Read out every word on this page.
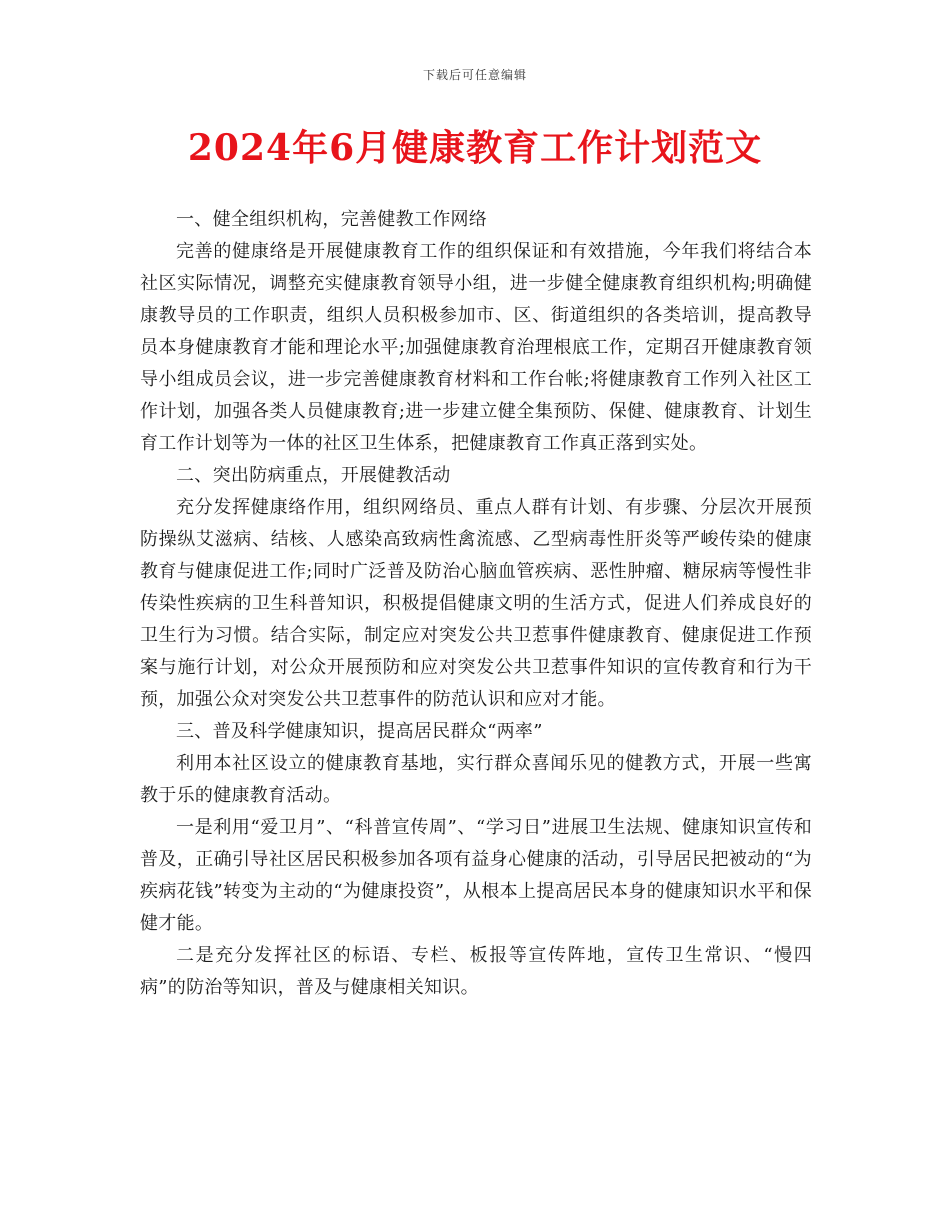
下载后可任意编辑
2024年6月健康教育工作计划范文

一、健全组织机构，完善健教工作网络

完善的健康络是开展健康教育工作的组织保证和有效措施，今年我们将结合本社区实际情况，调整充实健康教育领导小组，进一步健全健康教育组织机构;明确健康教导员的工作职责，组织人员积极参加市、区、街道组织的各类培训，提高教导员本身健康教育才能和理论水平;加强健康教育治理根底工作，定期召开健康教育领导小组成员会议，进一步完善健康教育材料和工作台帐;将健康教育工作列入社区工作计划，加强各类人员健康教育;进一步建立健全集预防、保健、健康教育、计划生育工作计划等为一体的社区卫生体系，把健康教育工作真正落到实处。

二、突出防病重点，开展健教活动

充分发挥健康络作用，组织网络员、重点人群有计划、有步骤、分层次开展预防操纵艾滋病、结核、人感染高致病性禽流感、乙型病毒性肝炎等严峻传染的健康教育与健康促进工作;同时广泛普及防治心脑血管疾病、恶性肿瘤、糖尿病等慢性非传染性疾病的卫生科普知识，积极提倡健康文明的生活方式，促进人们养成良好的卫生行为习惯。结合实际，制定应对突发公共卫惹事件健康教育、健康促进工作预案与施行计划，对公众开展预防和应对突发公共卫惹事件知识的宣传教育和行为干预，加强公众对突发公共卫惹事件的防范认识和应对才能。

三、普及科学健康知识，提高居民群众“两率”

利用本社区设立的健康教育基地，实行群众喜闻乐见的健教方式，开展一些寓教于乐的健康教育活动。

一是利用“爱卫月”、“科普宣传周”、“学习日”进展卫生法规、健康知识宣传和普及，正确引导社区居民积极参加各项有益身心健康的活动，引导居民把被动的“为疾病花钱”转变为主动的“为健康投资”，从根本上提高居民本身的健康知识水平和保健才能。

二是充分发挥社区的标语、专栏、板报等宣传阵地，宣传卫生常识、“慢四病”的防治等知识，普及与健康相关知识。
